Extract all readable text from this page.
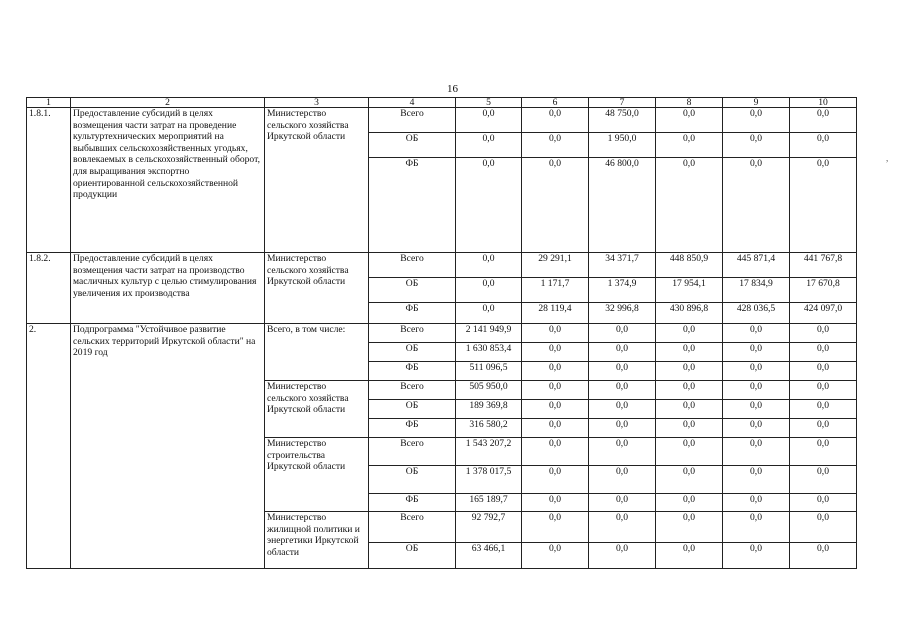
16
,
1	2	3	4	5	6	7	8	9	10
1.8.1.	Предоставление субсидий в целях возмещения части затрат на проведение культуртехнических мероприятий на выбывших сельскохозяйственных угодьях, вовлекаемых в сельскохозяйственный оборот, для выращивания экспортно ориентированной сельскохозяйственной продукции	Министерство сельского хозяйства Иркутской области	Всего	0,0	0,0	48 750,0	0,0	0,0	0,0
			ОБ	0,0	0,0	1 950,0	0,0	0,0	0,0
			ФБ	0,0	0,0	46 800,0	0,0	0,0	0,0
1.8.2.	Предоставление субсидий в целях возмещения части затрат на производство масличных культур с целью стимулирования увеличения их производства	Министерство сельского хозяйства Иркутской области	Всего	0,0	29 291,1	34 371,7	448 850,9	445 871,4	441 767,8
			ОБ	0,0	1 171,7	1 374,9	17 954,1	17 834,9	17 670,8
			ФБ	0,0	28 119,4	32 996,8	430 896,8	428 036,5	424 097,0
2.	Подпрограмма "Устойчивое развитие сельских территорий Иркутской области" на 2019 год	Всего, в том числе:	Всего	2 141 949,9	0,0	0,0	0,0	0,0	0,0
			ОБ	1 630 853,4	0,0	0,0	0,0	0,0	0,0
			ФБ	511 096,5	0,0	0,0	0,0	0,0	0,0
		Министерство сельского хозяйства Иркутской области	Всего	505 950,0	0,0	0,0	0,0	0,0	0,0
			ОБ	189 369,8	0,0	0,0	0,0	0,0	0,0
			ФБ	316 580,2	0,0	0,0	0,0	0,0	0,0
		Министерство строительства Иркутской области	Всего	1 543 207,2	0,0	0,0	0,0	0,0	0,0
			ОБ	1 378 017,5	0,0	0,0	0,0	0,0	0,0
			ФБ	165 189,7	0,0	0,0	0,0	0,0	0,0
		Министерство жилищной политики и энергетики Иркутской области	Всего	92 792,7	0,0	0,0	0,0	0,0	0,0
			ОБ	63 466,1	0,0	0,0	0,0	0,0	0,0
